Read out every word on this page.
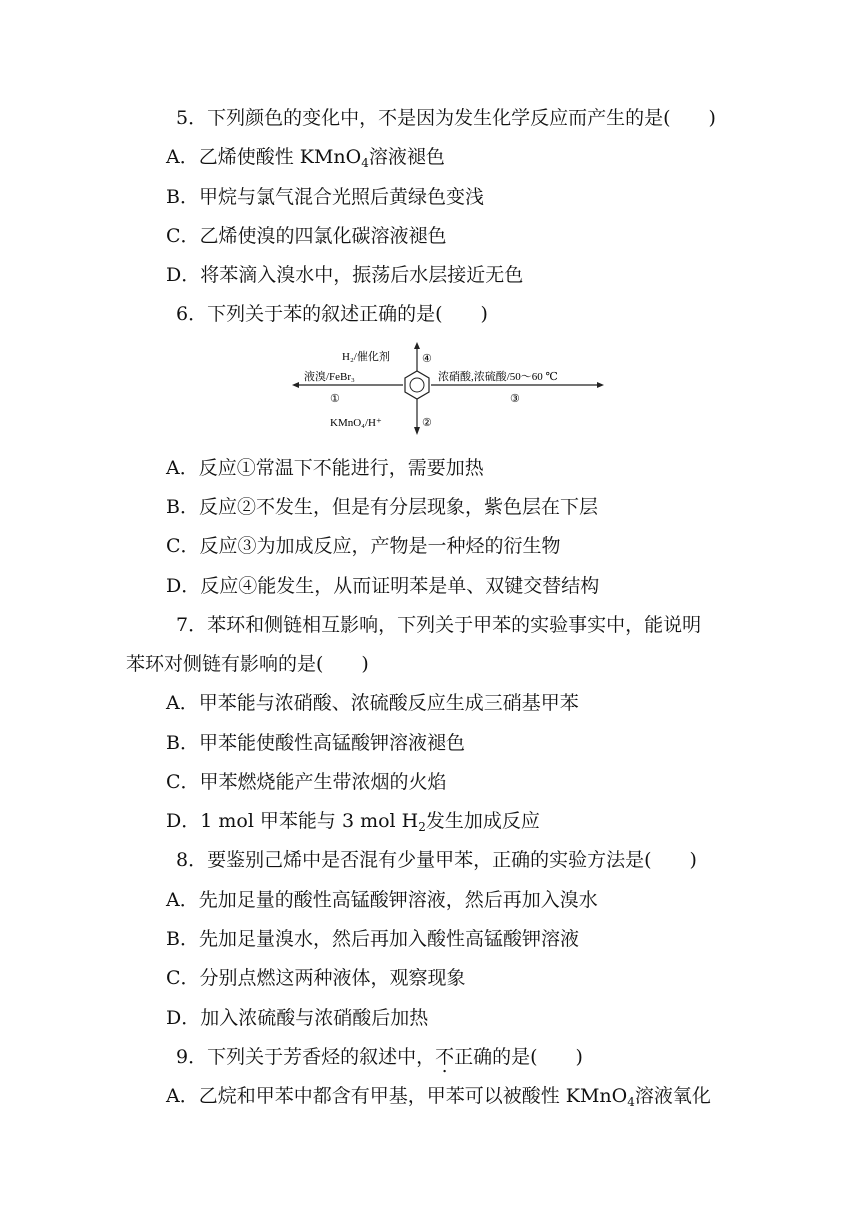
5．下列颜色的变化中，不是因为发生化学反应而产生的是(　　)
A．乙烯使酸性 KMnO$_4$溶液褪色
B．甲烷与氯气混合光照后黄绿色变浅
C．乙烯使溴的四氯化碳溶液褪色
D．将苯滴入溴水中，振荡后水层接近无色
6．下列关于苯的叙述正确的是(　　)
H₂/催化剂	④
液溴/FeBr₃
①
浓硝酸,浓硫酸/50～60 ℃
③
KMnO₄/H⁺	②
A．反应①常温下不能进行，需要加热
B．反应②不发生，但是有分层现象，紫色层在下层
C．反应③为加成反应，产物是一种烃的衍生物
D．反应④能发生，从而证明苯是单、双键交替结构
7．苯环和侧链相互影响，下列关于甲苯的实验事实中，能说明
苯环对侧链有影响的是(　　)
A．甲苯能与浓硝酸、浓硫酸反应生成三硝基甲苯
B．甲苯能使酸性高锰酸钾溶液褪色
C．甲苯燃烧能产生带浓烟的火焰
D．1 mol 甲苯能与 3 mol $H_2$发生加成反应
8．要鉴别己烯中是否混有少量甲苯，正确的实验方法是(　　)
A．先加足量的酸性高锰酸钾溶液，然后再加入溴水
B．先加足量溴水，然后再加入酸性高锰酸钾溶液
C．分别点燃这两种液体，观察现象
D．加入浓硫酸与浓硝酸后加热
9．下列关于芳香烃的叙述中，不正确的是(　　)
A．乙烷和甲苯中都含有甲基，甲苯可以被酸性 KMnO$_4$溶液氧化
